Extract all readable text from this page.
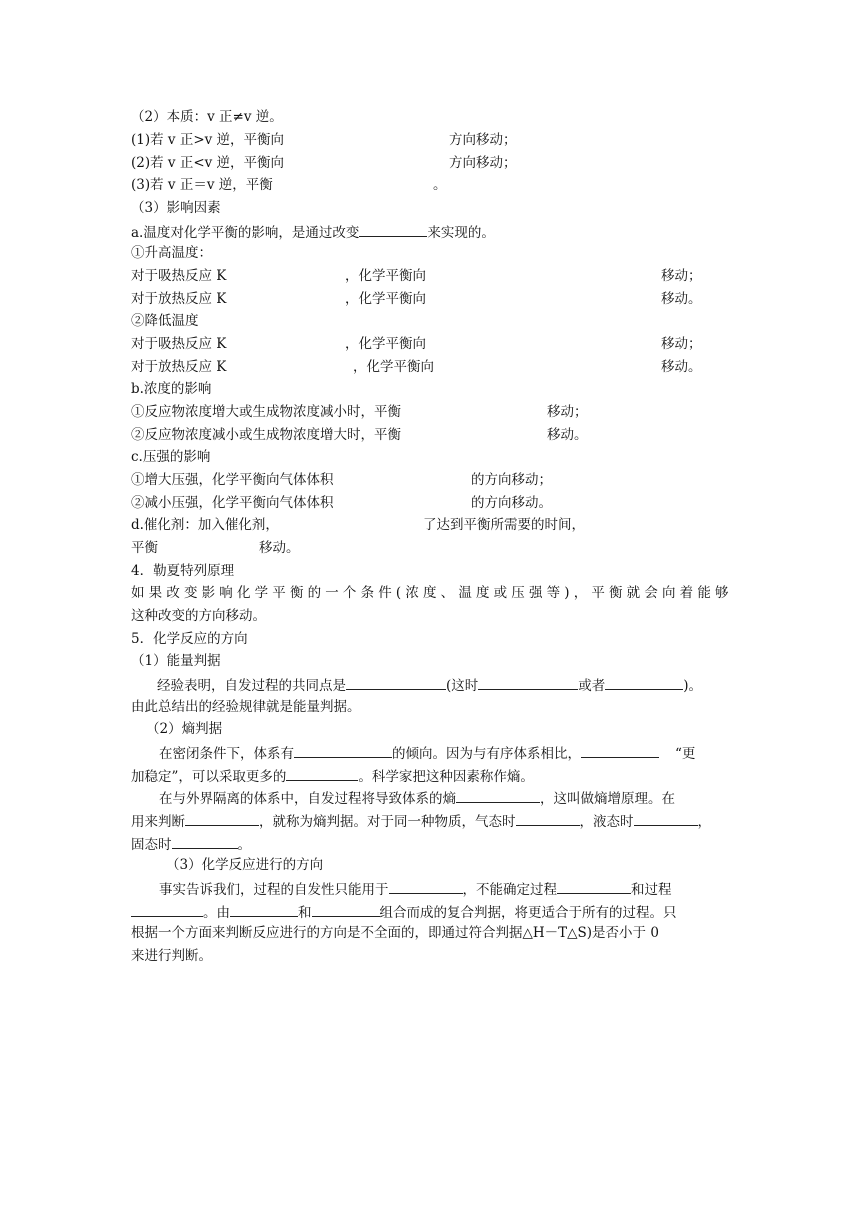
（2）本质：v 正≠v 逆。
(1)若 v 正>v 逆，平衡向	方向移动；
(2)若 v 正<v 逆，平衡向	方向移动；
(3)若 v 正＝v 逆，平衡	。
（3）影响因素
a.温度对化学平衡的影响，是通过改变	来实现的。
①升高温度：
对于吸热反应 K	，化学平衡向	移动；
对于放热反应 K	，化学平衡向	移动。
②降低温度
对于吸热反应 K	，化学平衡向	移动；
对于放热反应 K	，化学平衡向	移动。
b.浓度的影响
①反应物浓度增大或生成物浓度减小时，平衡	移动；
②反应物浓度减小或生成物浓度增大时，平衡	移动。
c.压强的影响
①增大压强，化学平衡向气体体积	的方向移动；
②减小压强，化学平衡向气体体积	的方向移动。
d.催化剂：加入催化剂，	了达到平衡所需要的时间，
平衡	移动。
4．勒夏特列原理
如果改变影响化学平衡的一个条件(浓度、温度或压强等)，平衡就会向着能够
这种改变的方向移动。
5．化学反应的方向
（1）能量判据
经验表明，自发过程的共同点是	(这时	或者	)。
由此总结出的经验规律就是能量判据。
（2）熵判据
在密闭条件下，体系有	的倾向。因为与有序体系相比，	“更
加稳定”，可以采取更多的	。科学家把这种因素称作熵。
在与外界隔离的体系中，自发过程将导致体系的熵	，这叫做熵增原理。在
用来判断	，就称为熵判据。对于同一种物质，气态时	，液态时	，
固态时	。
（3）化学反应进行的方向
事实告诉我们，过程的自发性只能用于	，不能确定过程	和过程
。由	和	组合而成的复合判据，将更适合于所有的过程。只
根据一个方面来判断反应进行的方向是不全面的，即通过符合判据△H－T△S)是否小于 0
来进行判断。
